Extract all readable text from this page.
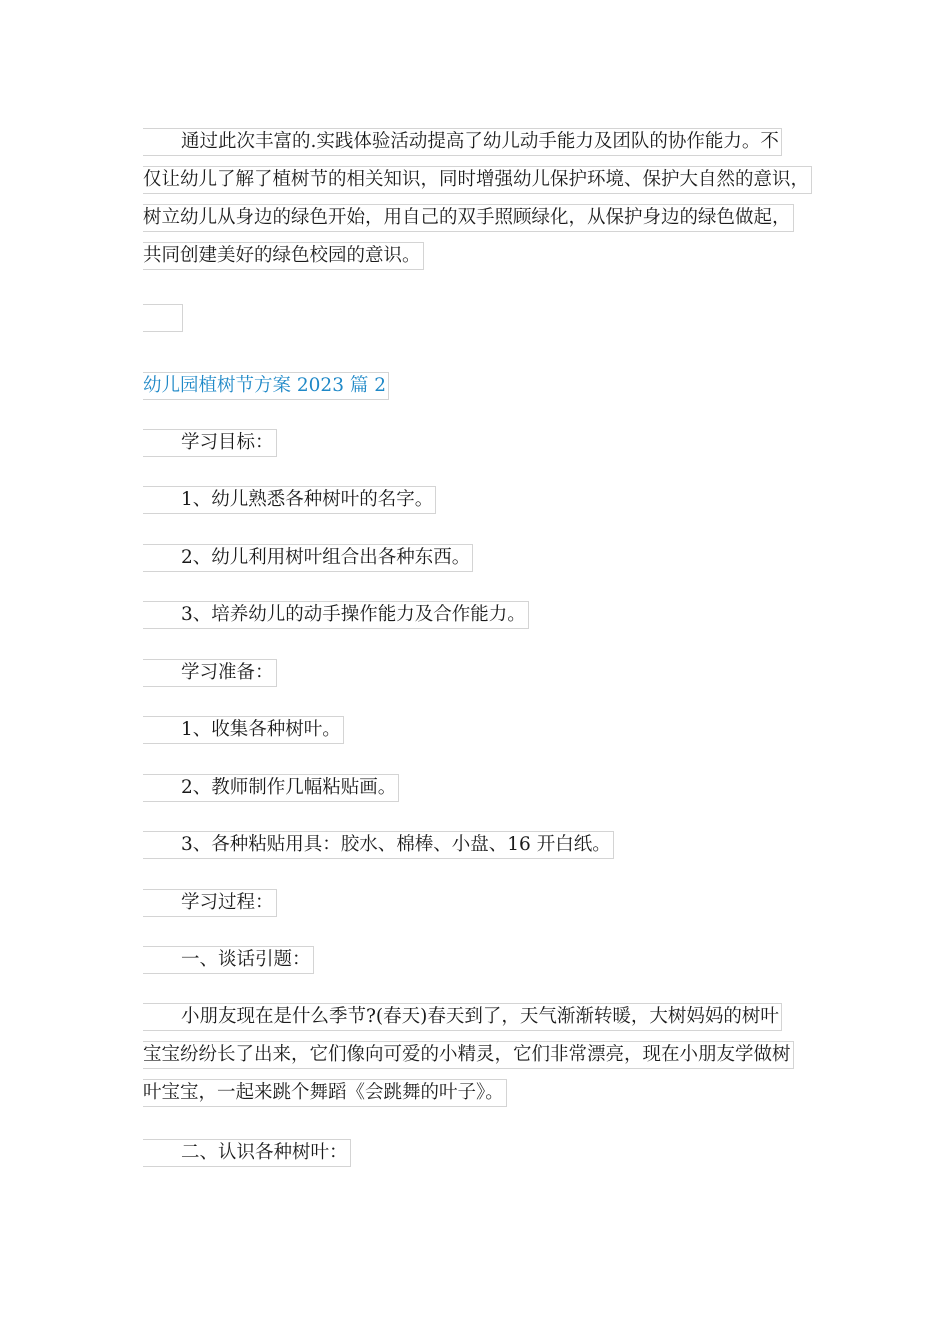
通过此次丰富的.实践体验活动提高了幼儿动手能力及团队的协作能力。不
仅让幼儿了解了植树节的相关知识，同时增强幼儿保护环境、保护大自然的意识，
树立幼儿从身边的绿色开始，用自己的双手照顾绿化，从保护身边的绿色做起，
共同创建美好的绿色校园的意识。
幼儿园植树节方案 2023 篇 2
学习目标：
1、幼儿熟悉各种树叶的名字。
2、幼儿利用树叶组合出各种东西。
3、培养幼儿的动手操作能力及合作能力。
学习准备：
1、收集各种树叶。
2、教师制作几幅粘贴画。
3、各种粘贴用具：胶水、棉棒、小盘、16 开白纸。
学习过程：
一、谈话引题：
小朋友现在是什么季节?(春天)春天到了，天气渐渐转暖，大树妈妈的树叶
宝宝纷纷长了出来，它们像向可爱的小精灵，它们非常漂亮，现在小朋友学做树
叶宝宝，一起来跳个舞蹈《会跳舞的叶子》。
二、认识各种树叶：
